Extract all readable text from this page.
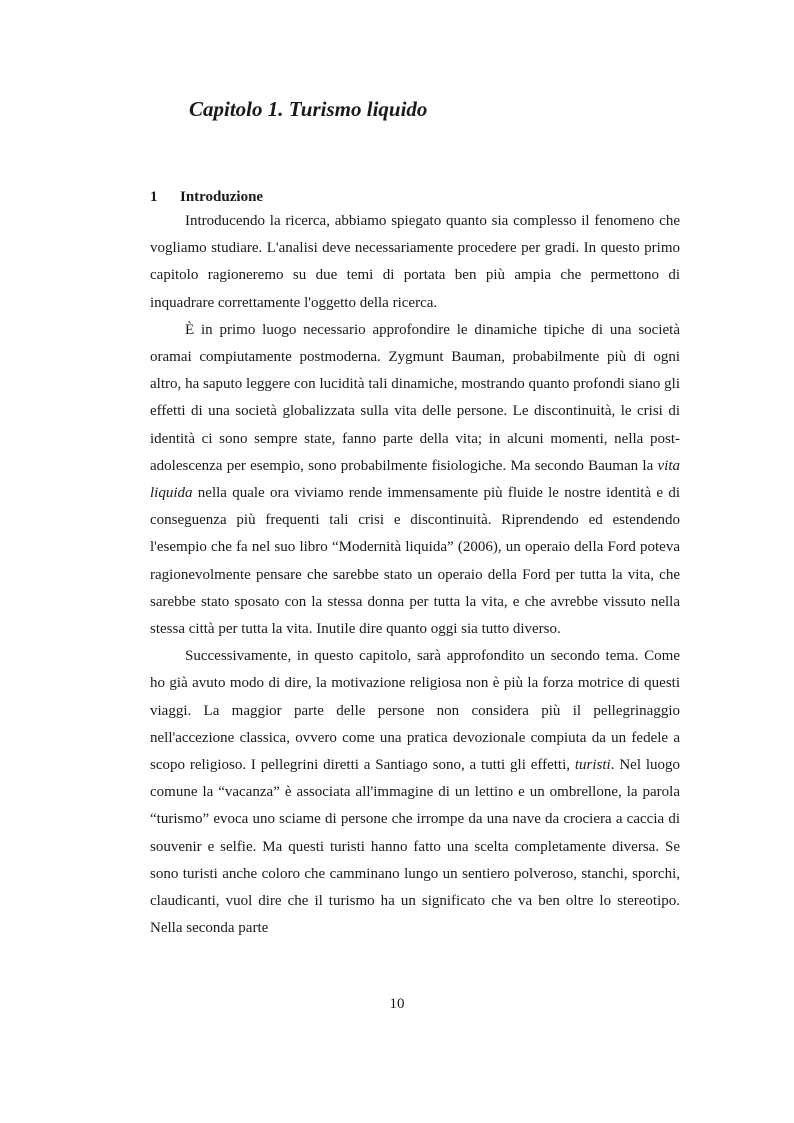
Capitolo 1. Turismo liquido
1 Introduzione

Introducendo la ricerca, abbiamo spiegato quanto sia complesso il fenomeno che vogliamo studiare. L'analisi deve necessariamente procedere per gradi. In questo primo capitolo ragioneremo su due temi di portata ben più ampia che permettono di inquadrare correttamente l'oggetto della ricerca.

È in primo luogo necessario approfondire le dinamiche tipiche di una società oramai compiutamente postmoderna. Zygmunt Bauman, probabilmente più di ogni altro, ha saputo leggere con lucidità tali dinamiche, mostrando quanto profondi siano gli effetti di una società globalizzata sulla vita delle persone. Le discontinuità, le crisi di identità ci sono sempre state, fanno parte della vita; in alcuni momenti, nella post-adolescenza per esempio, sono probabilmente fisiologiche. Ma secondo Bauman la vita liquida nella quale ora viviamo rende immensamente più fluide le nostre identità e di conseguenza più frequenti tali crisi e discontinuità. Riprendendo ed estendendo l'esempio che fa nel suo libro “Modernità liquida” (2006), un operaio della Ford poteva ragionevolmente pensare che sarebbe stato un operaio della Ford per tutta la vita, che sarebbe stato sposato con la stessa donna per tutta la vita, e che avrebbe vissuto nella stessa città per tutta la vita. Inutile dire quanto oggi sia tutto diverso.

Successivamente, in questo capitolo, sarà approfondito un secondo tema. Come ho già avuto modo di dire, la motivazione religiosa non è più la forza motrice di questi viaggi. La maggior parte delle persone non considera più il pellegrinaggio nell'accezione classica, ovvero come una pratica devozionale compiuta da un fedele a scopo religioso. I pellegrini diretti a Santiago sono, a tutti gli effetti, turisti. Nel luogo comune la “vacanza” è associata all'immagine di un lettino e un ombrellone, la parola “turismo” evoca uno sciame di persone che irrompe da una nave da crociera a caccia di souvenir e selfie. Ma questi turisti hanno fatto una scelta completamente diversa. Se sono turisti anche coloro che camminano lungo un sentiero polveroso, stanchi, sporchi, claudicanti, vuol dire che il turismo ha un significato che va ben oltre lo stereotipo. Nella seconda parte

10
